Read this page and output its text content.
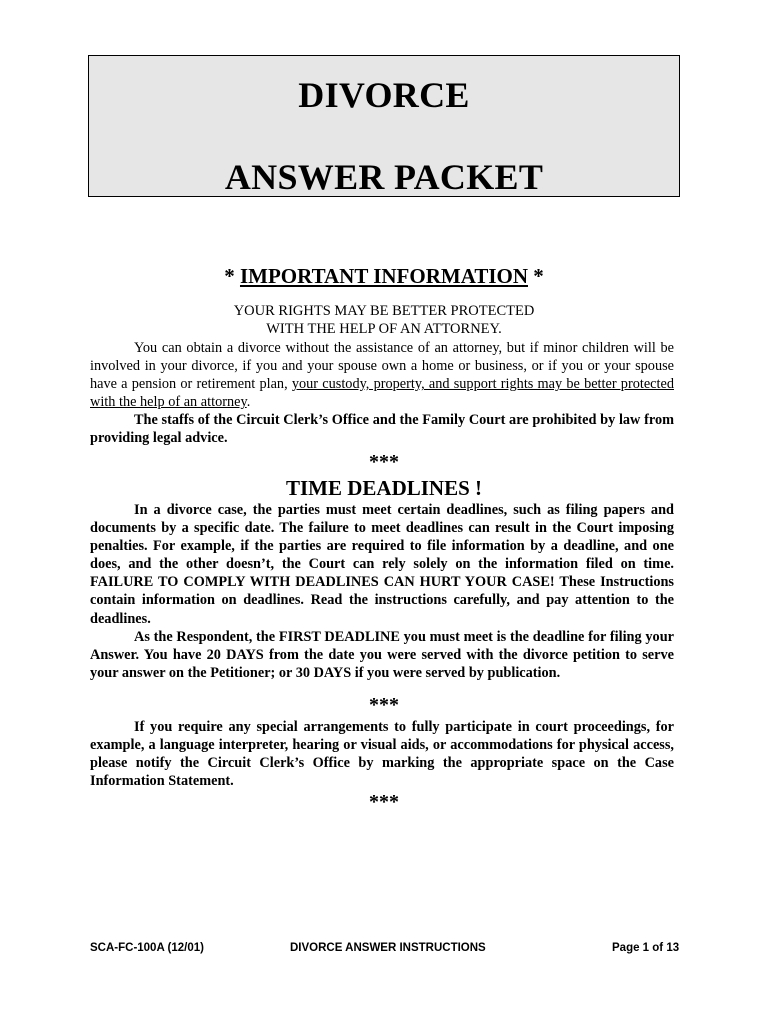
DIVORCE
ANSWER PACKET
* IMPORTANT INFORMATION *
YOUR RIGHTS MAY BE BETTER PROTECTED
WITH THE HELP OF AN ATTORNEY.
You can obtain a divorce without the assistance of an attorney, but if minor children will be involved in your divorce, if you and your spouse own a home or business, or if you or your spouse have a pension or retirement plan, your custody, property, and support rights may be better protected with the help of an attorney.
The staffs of the Circuit Clerk’s Office and the Family Court are prohibited by law from providing legal advice.
***
TIME DEADLINES !
In a divorce case, the parties must meet certain deadlines, such as filing papers and documents by a specific date. The failure to meet deadlines can result in the Court imposing penalties. For example, if the parties are required to file information by a deadline, and one does, and the other doesn’t, the Court can rely solely on the information filed on time. FAILURE TO COMPLY WITH DEADLINES CAN HURT YOUR CASE! These Instructions contain information on deadlines. Read the instructions carefully, and pay attention to the deadlines.
As the Respondent, the FIRST DEADLINE you must meet is the deadline for filing your Answer. You have 20 DAYS from the date you were served with the divorce petition to serve your answer on the Petitioner; or 30 DAYS if you were served by publication.
***
If you require any special arrangements to fully participate in court proceedings, for example, a language interpreter, hearing or visual aids, or accommodations for physical access, please notify the Circuit Clerk’s Office by marking the appropriate space on the Case Information Statement.
***
SCA-FC-100A (12/01)	DIVORCE ANSWER INSTRUCTIONS	Page 1 of 13
